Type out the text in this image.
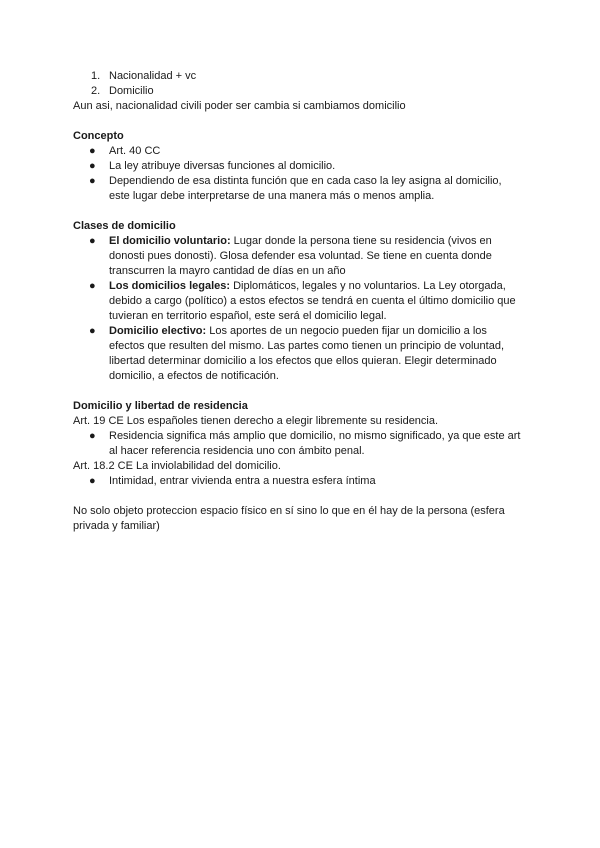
1. Nacionalidad + vc
2. Domicilio

Aun asi, nacionalidad civili poder ser cambia si cambiamos domicilio

Concepto

● Art. 40 CC
● La ley atribuye diversas funciones al domicilio.
● Dependiendo de esa distinta función que en cada caso la ley asigna al domicilio,
este lugar debe interpretarse de una manera más o menos amplia.

Clases de domicilio

● El domicilio voluntario: Lugar donde la persona tiene su residencia (vivos en
donosti pues donosti). Glosa defender esa voluntad. Se tiene en cuenta donde
transcurren la mayro cantidad de días en un año
● Los domicilios legales: Diplomáticos, legales y no voluntarios. La Ley otorgada,
debido a cargo (político) a estos efectos se tendrá en cuenta el último domicilio que
tuvieran en territorio español, este será el domicilio legal.
● Domicilio electivo: Los aportes de un negocio pueden fijar un domicilio a los
efectos que resulten del mismo. Las partes como tienen un principio de voluntad,
libertad determinar domicilio a los efectos que ellos quieran. Elegir determinado
domicilio, a efectos de notificación.

Domicilio y libertad de residencia

Art. 19 CE Los españoles tienen derecho a elegir libremente su residencia.

● Residencia significa más amplio que domicilio, no mismo significado, ya que este art
al hacer referencia residencia uno con ámbito penal.

Art. 18.2 CE La inviolabilidad del domicilio.

● Intimidad, entrar vivienda entra a nuestra esfera íntima

No solo objeto proteccion espacio físico en sí sino lo que en él hay de la persona (esfera

privada y familiar)
